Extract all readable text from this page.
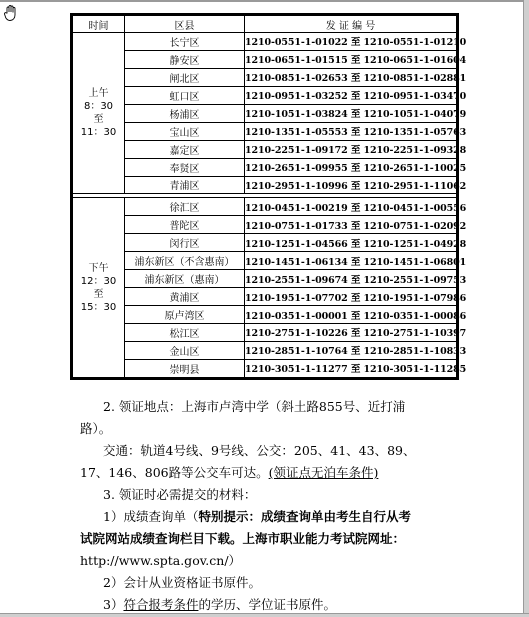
时间	区县	发 证 编 号

上午
8：30
至
11：30	长宁区	1210-0551-1-01022 至 1210-0551-1-01210
	静安区	1210-0651-1-01515 至 1210-0651-1-01604
	闸北区	1210-0851-1-02653 至 1210-0851-1-02881
	虹口区	1210-0951-1-03252 至 1210-0951-1-03470
	杨浦区	1210-1051-1-03824 至 1210-1051-1-04079
	宝山区	1210-1351-1-05553 至 1210-1351-1-05763
	嘉定区	1210-2251-1-09172 至 1210-2251-1-09328
	奉贤区	1210-2651-1-09955 至 1210-2651-1-10025
	青浦区	1210-2951-1-10996 至 1210-2951-1-11062

下午
12：30
至
15：30	徐汇区	1210-0451-1-00219 至 1210-0451-1-00556
	普陀区	1210-0751-1-01733 至 1210-0751-1-02092
	闵行区	1210-1251-1-04566 至 1210-1251-1-04928
	浦东新区（不含惠南）	1210-1451-1-06134 至 1210-1451-1-06801
	浦东新区（惠南）	1210-2551-1-09674 至 1210-2551-1-09753
	黄浦区	1210-1951-1-07702 至 1210-1951-1-07986
	原卢湾区	1210-0351-1-00001 至 1210-0351-1-00086
	松江区	1210-2751-1-10226 至 1210-2751-1-10397
	金山区	1210-2851-1-10764 至 1210-2851-1-10833
	崇明县	1210-3051-1-11277 至 1210-3051-1-11285
2. 领证地点：上海市卢湾中学（斜土路855号、近打浦
路）。
交通：轨道4号线、9号线、公交：205、41、43、89、
17、146、806路等公交车可达。(领证点无泊车条件)
3. 领证时必需提交的材料：
1）成绩查询单（特别提示：成绩查询单由考生自行从考
试院网站成绩查询栏目下载。上海市职业能力考试院网址：
http://www.spta.gov.cn/）
2）会计从业资格证书原件。
3）符合报考条件的学历、学位证书原件。
